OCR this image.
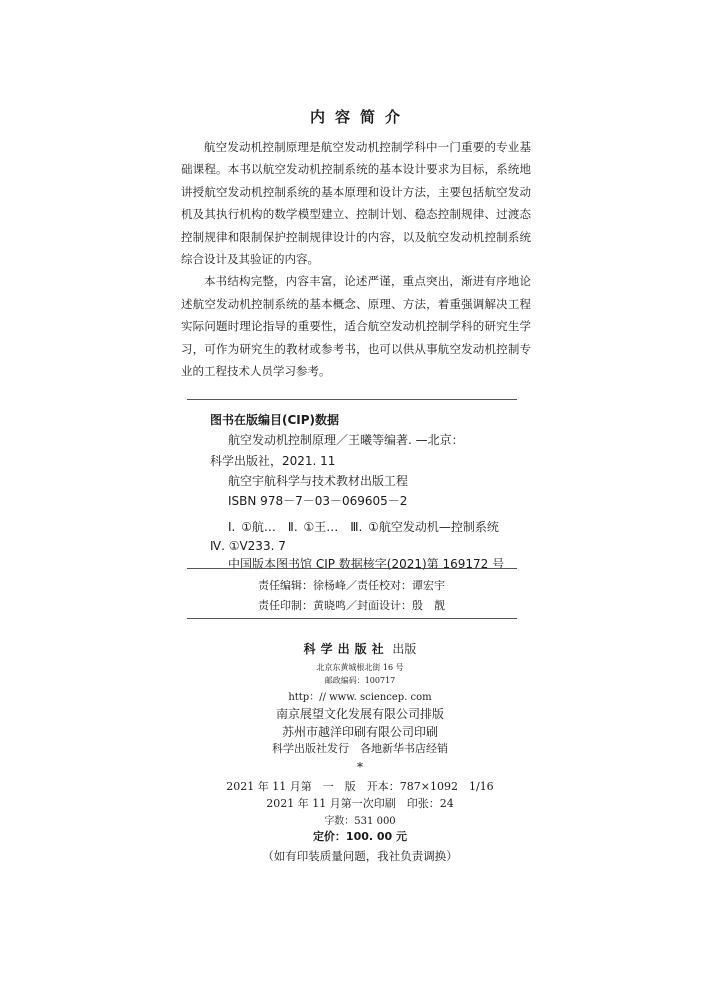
内容简介

航空发动机控制原理是航空发动机控制学科中一门重要的专业基础课程。本书以航空发动机控制系统的基本设计要求为目标，系统地讲授航空发动机控制系统的基本原理和设计方法，主要包括航空发动机及其执行机构的数学模型建立、控制计划、稳态控制规律、过渡态控制规律和限制保护控制规律设计的内容，以及航空发动机控制系统综合设计及其验证的内容。

本书结构完整，内容丰富，论述严谨，重点突出，渐进有序地论述航空发动机控制系统的基本概念、原理、方法，着重强调解决工程实际问题时理论指导的重要性，适合航空发动机控制学科的研究生学习，可作为研究生的教材或参考书，也可以供从事航空发动机控制专业的工程技术人员学习参考。

图书在版编目(CIP)数据
航空发动机控制原理／王曦等编著. —北京：
科学出版社，2021. 11
航空宇航科学与技术教材出版工程
ISBN 978－7－03－069605－2
Ⅰ. ①航…　Ⅱ. ①王…　Ⅲ. ①航空发动机—控制系统
Ⅳ. ①V233. 7
中国版本图书馆 CIP 数据核字(2021)第 169172 号
责任编辑：徐杨峰／责任校对：谭宏宇
责任印制：黄晓鸣／封面设计：殷　靓
科学出版社 出版
北京东黄城根北街 16 号
邮政编码：100717
http：// www. sciencep. com
南京展望文化发展有限公司排版
苏州市越洋印刷有限公司印刷
科学出版社发行　各地新华书店经销
*
2021 年 11 月第　一　版　开本：787×1092　1/16
2021 年 11 月第一次印刷　印张：24
字数：531 000
定价：100. 00 元
（如有印装质量问题，我社负责调换）
